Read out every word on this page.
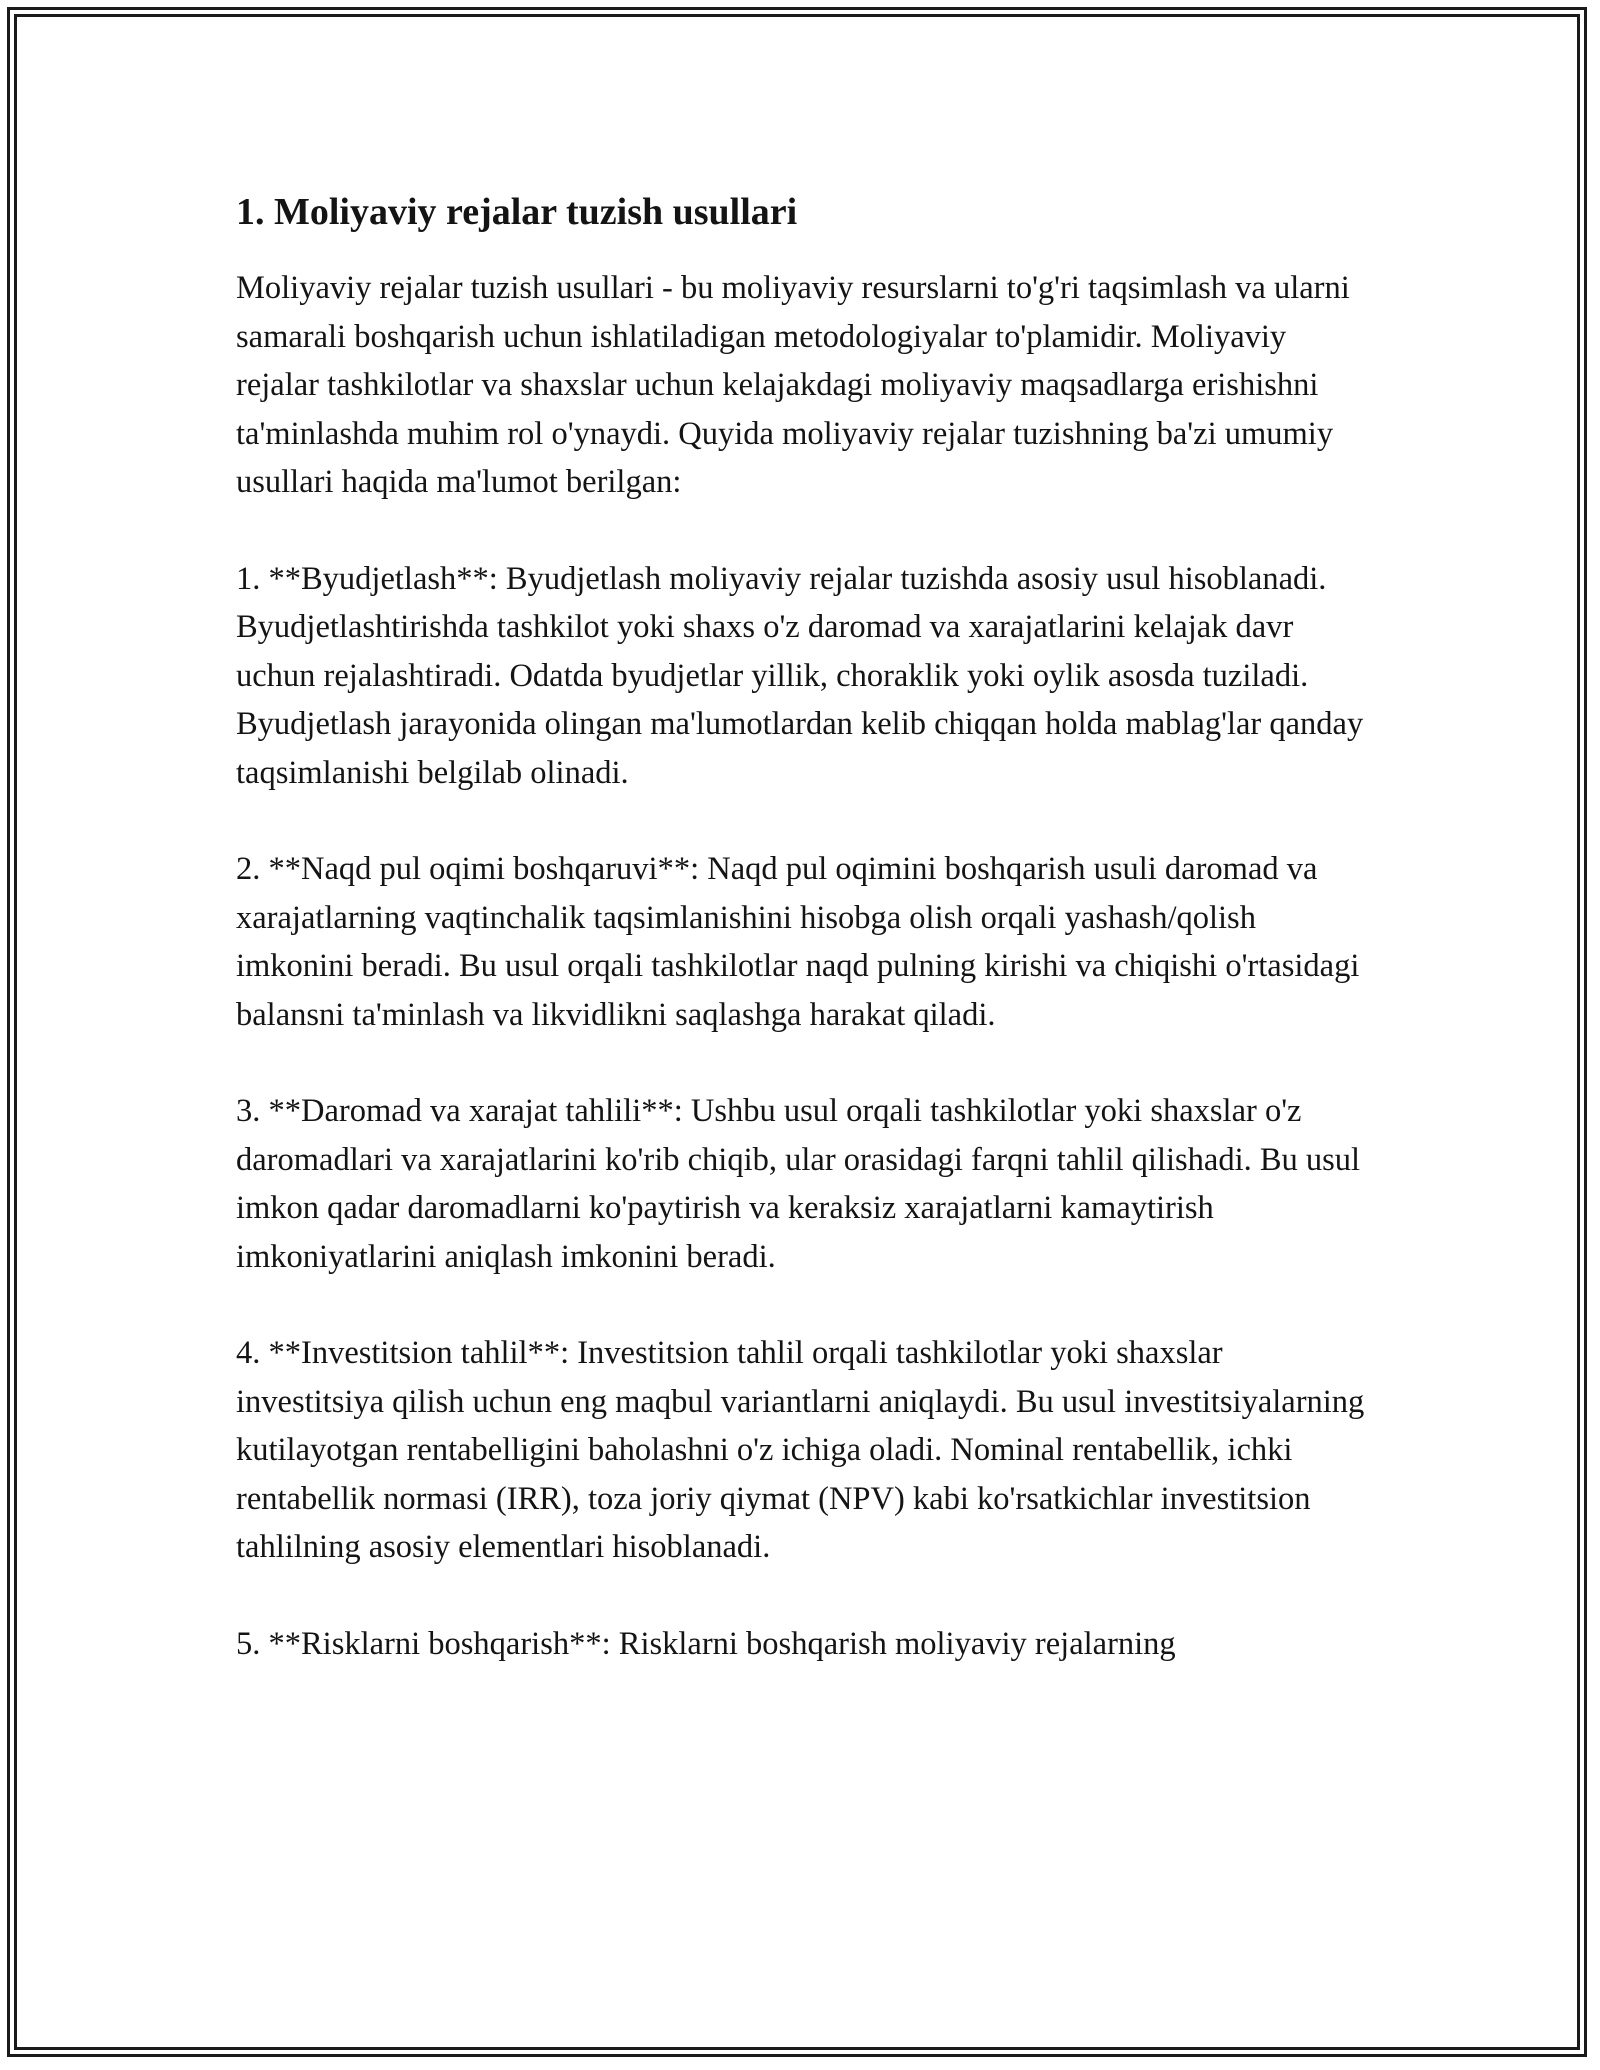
1. Moliyaviy rejalar tuzish usullari

Moliyaviy rejalar tuzish usullari - bu moliyaviy resurslarni to'g'ri taqsimlash va ularni samarali boshqarish uchun ishlatiladigan metodologiyalar to'plamidir. Moliyaviy rejalar tashkilotlar va shaxslar uchun kelajakdagi moliyaviy maqsadlarga erishishni ta'minlashda muhim rol o'ynaydi. Quyida moliyaviy rejalar tuzishning ba'zi umumiy usullari haqida ma'lumot berilgan:

1. **Byudjetlash**: Byudjetlash moliyaviy rejalar tuzishda asosiy usul hisoblanadi. Byudjetlashtirishda tashkilot yoki shaxs o'z daromad va xarajatlarini kelajak davr uchun rejalashtiradi. Odatda byudjetlar yillik, choraklik yoki oylik asosda tuziladi. Byudjetlash jarayonida olingan ma'lumotlardan kelib chiqqan holda mablag'lar qanday taqsimlanishi belgilab olinadi.

2. **Naqd pul oqimi boshqaruvi**: Naqd pul oqimini boshqarish usuli daromad va xarajatlarning vaqtinchalik taqsimlanishini hisobga olish orqali yashash/qolish imkonini beradi. Bu usul orqali tashkilotlar naqd pulning kirishi va chiqishi o'rtasidagi balansni ta'minlash va likvidlikni saqlashga harakat qiladi.

3. **Daromad va xarajat tahlili**: Ushbu usul orqali tashkilotlar yoki shaxslar o'z daromadlari va xarajatlarini ko'rib chiqib, ular orasidagi farqni tahlil qilishadi. Bu usul imkon qadar daromadlarni ko'paytirish va keraksiz xarajatlarni kamaytirish imkoniyatlarini aniqlash imkonini beradi.

4. **Investitsion tahlil**: Investitsion tahlil orqali tashkilotlar yoki shaxslar investitsiya qilish uchun eng maqbul variantlarni aniqlaydi. Bu usul investitsiyalarning kutilayotgan rentabelligini baholashni o'z ichiga oladi. Nominal rentabellik, ichki rentabellik normasi (IRR), toza joriy qiymat (NPV) kabi ko'rsatkichlar investitsion tahlilning asosiy elementlari hisoblanadi.

5. **Risklarni boshqarish**: Risklarni boshqarish moliyaviy rejalarning
